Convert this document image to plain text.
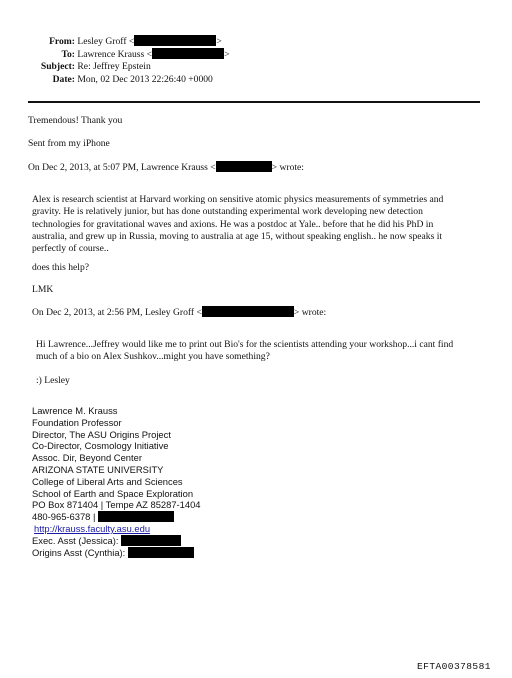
From: Lesley Groff <	>
To: Lawrence Krauss <	>
Subject: Re: Jeffrey Epstein
Date: Mon, 02 Dec 2013 22:26:40 +0000
Tremendous! Thank you
Sent from my iPhone
On Dec 2, 2013, at 5:07 PM, Lawrence Krauss <	> wrote:
Alex is research scientist at Harvard working on sensitive atomic physics measurements of symmetries and
gravity. He is relatively junior, but has done outstanding experimental work developing new detection
technologies for gravitational waves and axions. He was a postdoc at Yale.. before that he did his PhD in
australia, and grew up in Russia, moving to australia at age 15, without speaking english.. he now speaks it
perfectly of course..
does this help?
LMK
On Dec 2, 2013, at 2:56 PM, Lesley Groff <	> wrote:
Hi Lawrence...Jeffrey would like me to print out Bio's for the scientists attending your workshop...i cant find
much of a bio on Alex Sushkov...might you have something?
:) Lesley
Lawrence M. Krauss
Foundation Professor
Director, The ASU Origins Project
Co-Director, Cosmology Initiative
Assoc. Dir, Beyond Center
ARIZONA STATE UNIVERSITY
College of Liberal Arts and Sciences
School of Earth and Space Exploration
PO Box 871404 | Tempe AZ 85287-1404
480-965-6378 |
http://krauss.faculty.asu.edu
Exec. Asst (Jessica):
Origins Asst (Cynthia):
EFTA00378581
